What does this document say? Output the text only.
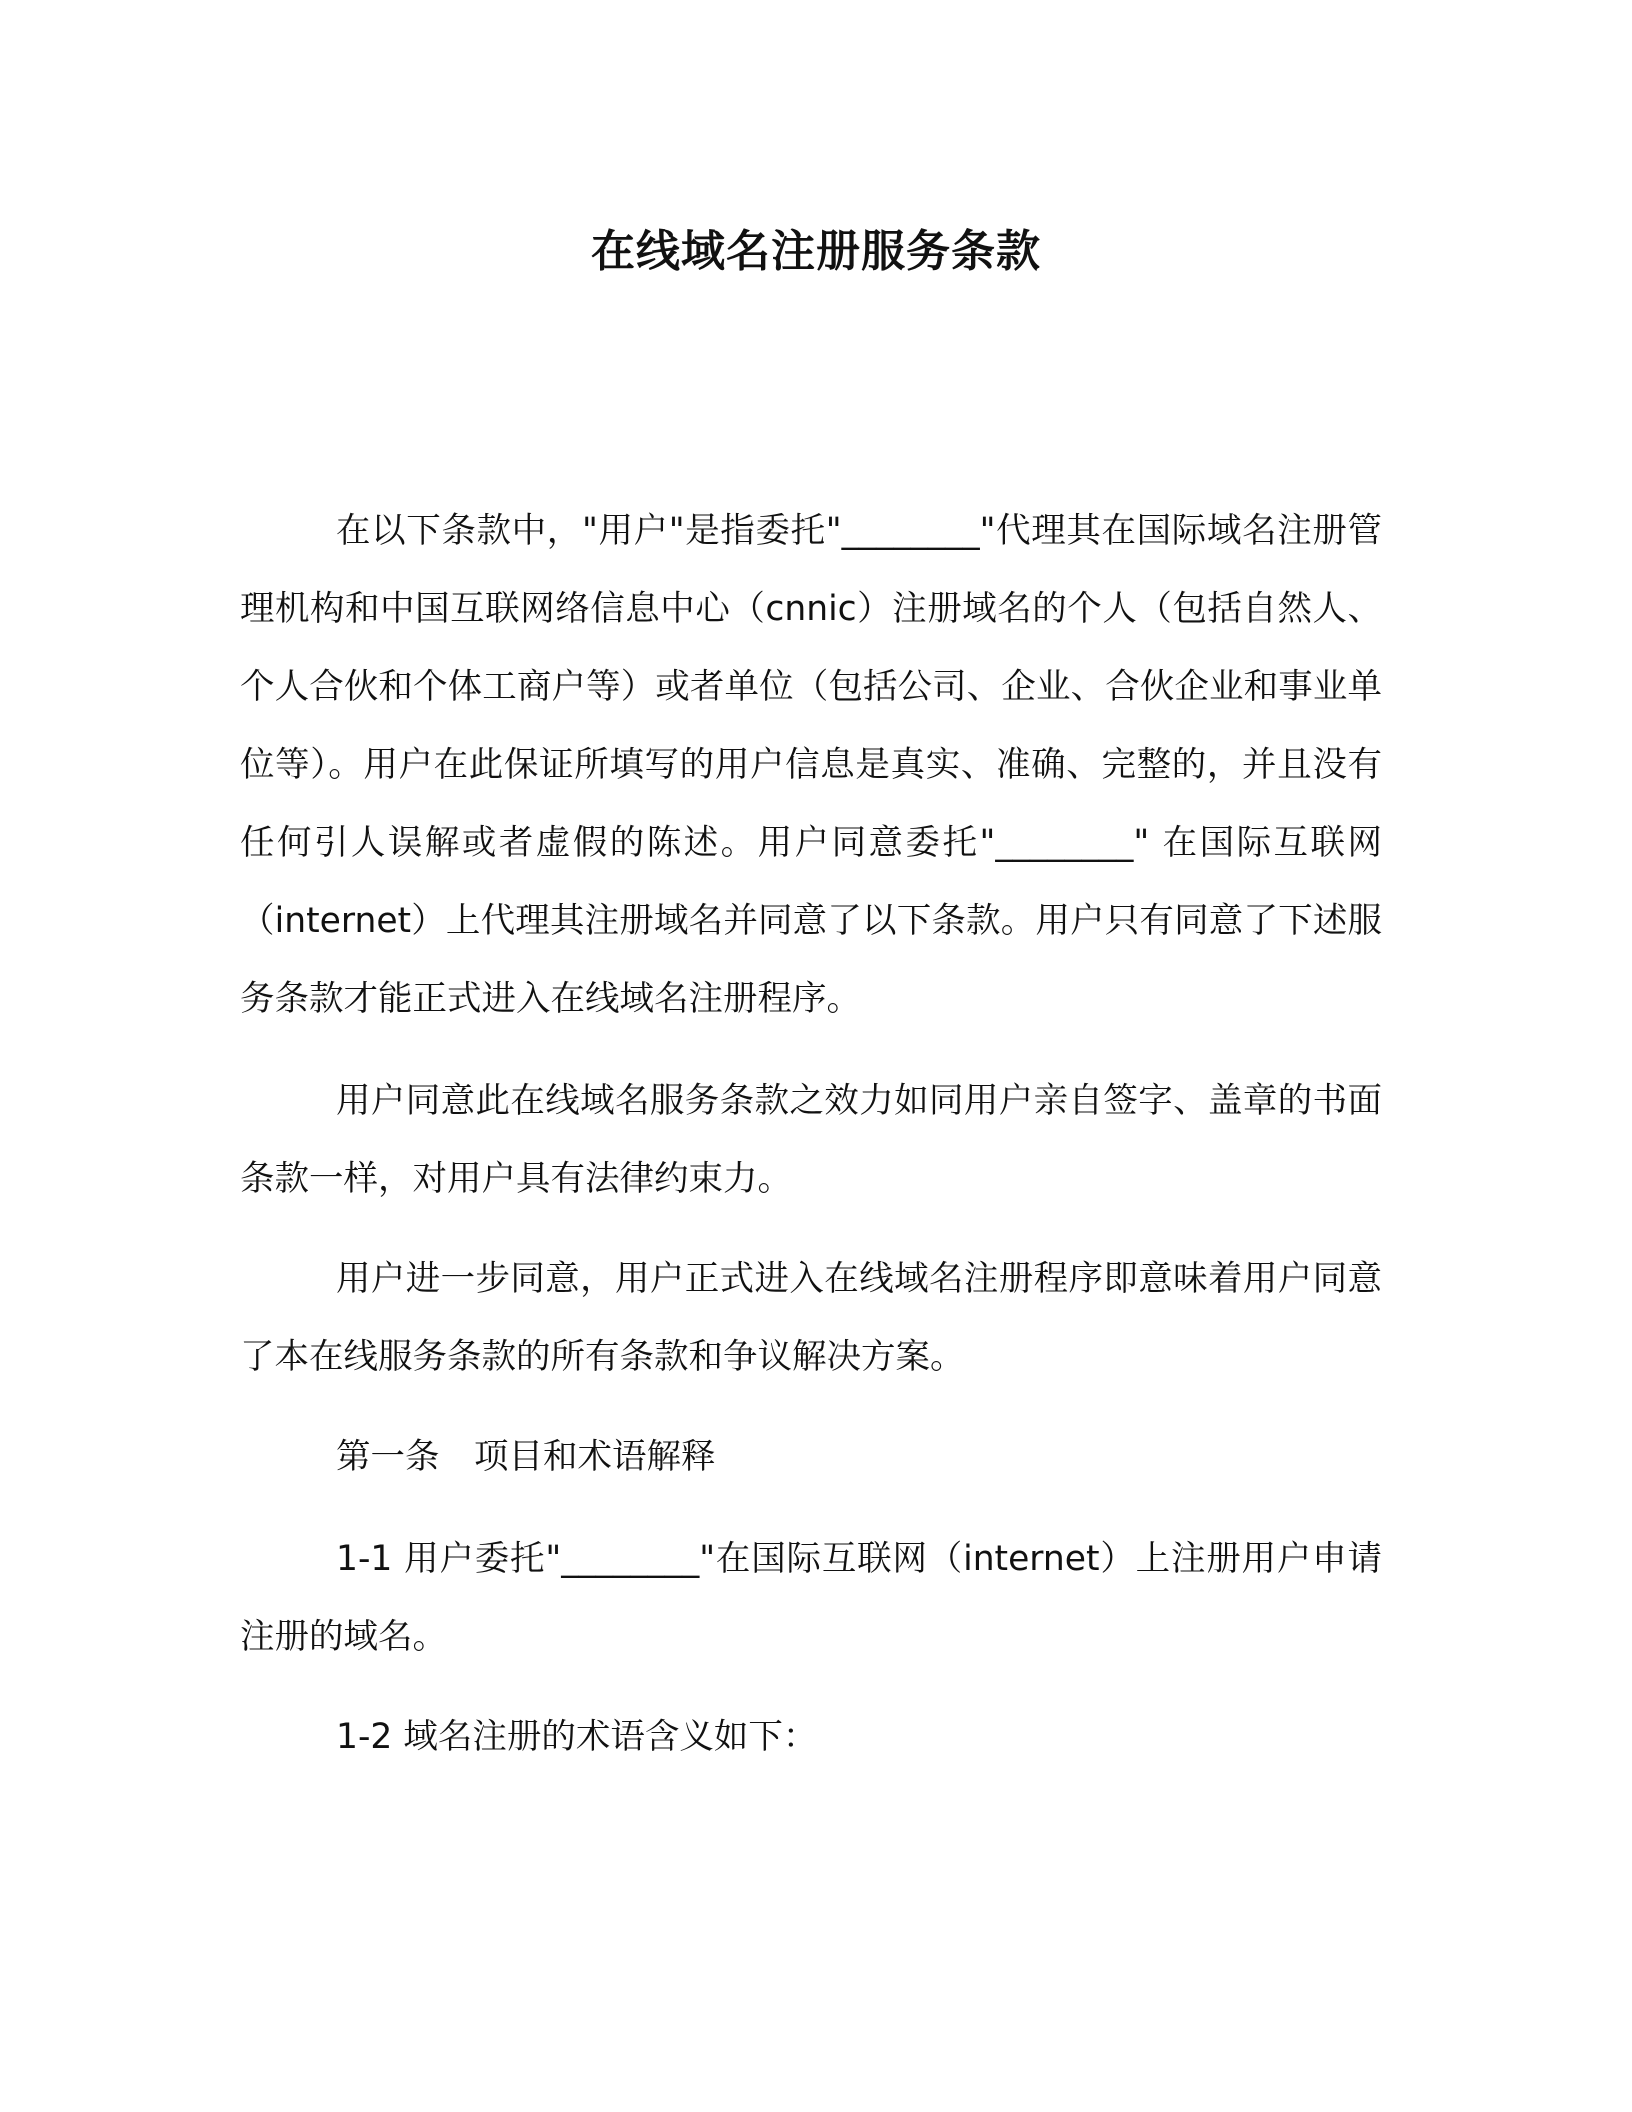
在线域名注册服务条款

在以下条款中，"用户"是指委托"________"代理其在国际域名注册管理机构和中国互联网络信息中心（cnnic）注册域名的个人（包括自然人、个人合伙和个体工商户等）或者单位（包括公司、企业、合伙企业和事业单位等）。用户在此保证所填写的用户信息是真实、准确、完整的，并且没有任何引人误解或者虚假的陈述。用户同意委托"________" 在国际互联网（internet）上代理其注册域名并同意了以下条款。用户只有同意了下述服务条款才能正式进入在线域名注册程序。

用户同意此在线域名服务条款之效力如同用户亲自签字、盖章的书面条款一样，对用户具有法律约束力。

用户进一步同意，用户正式进入在线域名注册程序即意味着用户同意了本在线服务条款的所有条款和争议解决方案。

第一条　项目和术语解释

1-1 用户委托"________"在国际互联网（internet）上注册用户申请注册的域名。

1-2 域名注册的术语含义如下：
